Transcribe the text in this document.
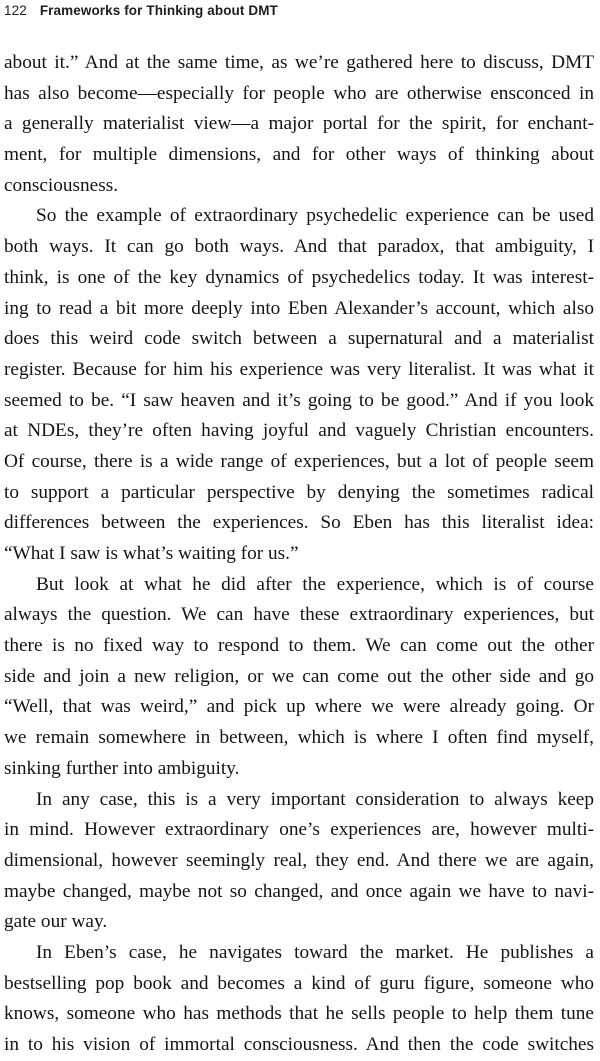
122 Frameworks for Thinking about DMT
about it.” And at the same time, as we’re gathered here to discuss, DMT
has also become—especially for people who are otherwise ensconced in
a generally materialist view—a major portal for the spirit, for enchant-
ment, for multiple dimensions, and for other ways of thinking about
consciousness.
So the example of extraordinary psychedelic experience can be used
both ways. It can go both ways. And that paradox, that ambiguity, I
think, is one of the key dynamics of psychedelics today. It was interest-
ing to read a bit more deeply into Eben Alexander’s account, which also
does this weird code switch between a supernatural and a materialist
register. Because for him his experience was very literalist. It was what it
seemed to be. “I saw heaven and it’s going to be good.” And if you look
at NDEs, they’re often having joyful and vaguely Christian encounters.
Of course, there is a wide range of experiences, but a lot of people seem
to support a particular perspective by denying the sometimes radical
differences between the experiences. So Eben has this literalist idea:
“What I saw is what’s waiting for us.”
But look at what he did after the experience, which is of course
always the question. We can have these extraordinary experiences, but
there is no fixed way to respond to them. We can come out the other
side and join a new religion, or we can come out the other side and go
“Well, that was weird,” and pick up where we were already going. Or
we remain somewhere in between, which is where I often find myself,
sinking further into ambiguity.
In any case, this is a very important consideration to always keep
in mind. However extraordinary one’s experiences are, however multi-
dimensional, however seemingly real, they end. And there we are again,
maybe changed, maybe not so changed, and once again we have to navi-
gate our way.
In Eben’s case, he navigates toward the market. He publishes a
bestselling pop book and becomes a kind of guru figure, someone who
knows, someone who has methods that he sells people to help them tune
in to his vision of immortal consciousness. And then the code switches
